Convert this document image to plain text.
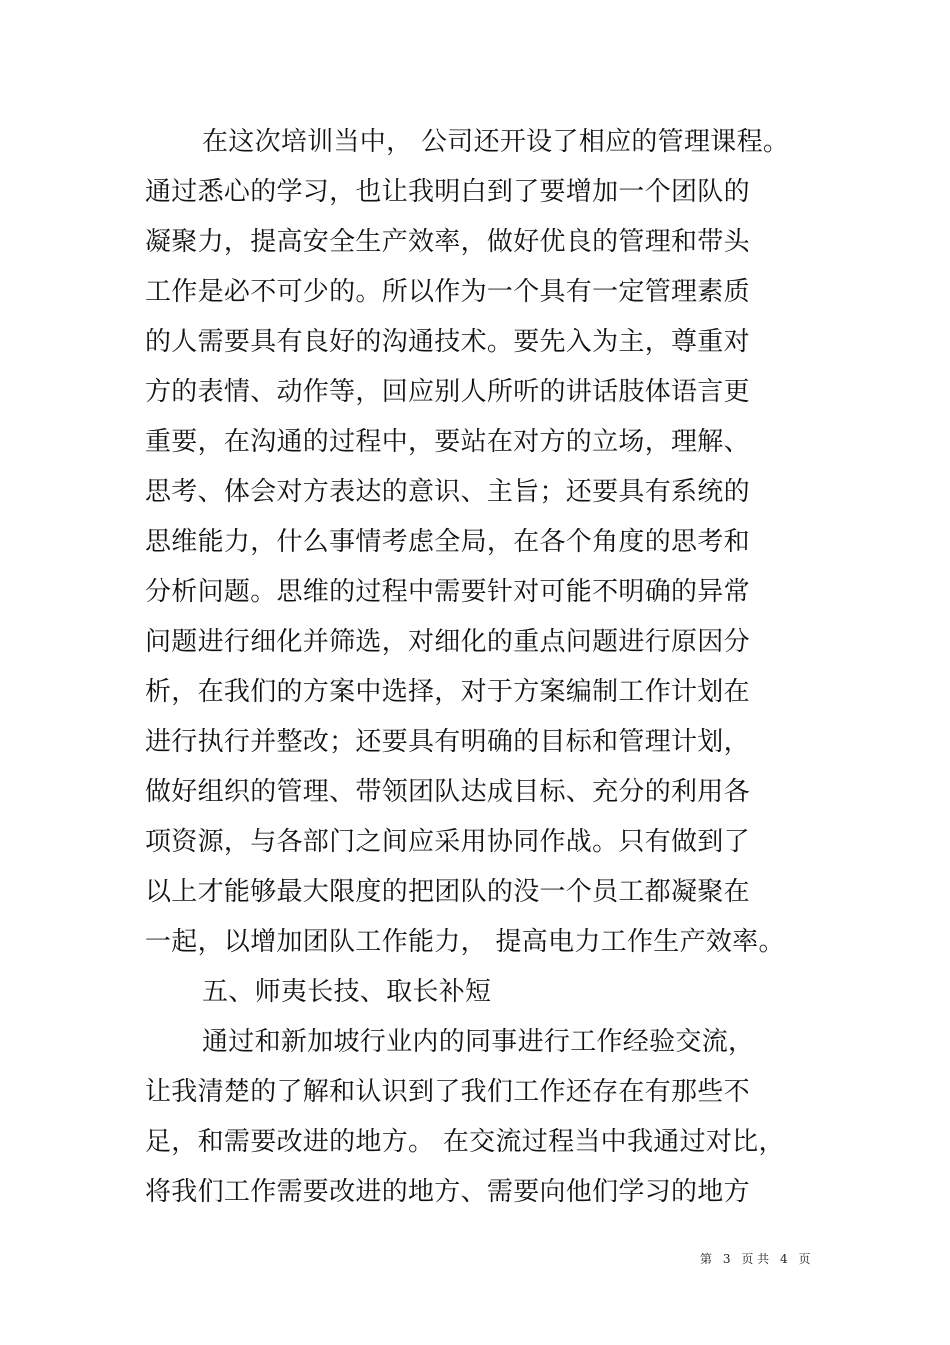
在这次培训当中， 公司还开设了相应的管理课程。
通过悉心的学习，也让我明白到了要增加一个团队的
凝聚力，提高安全生产效率，做好优良的管理和带头
工作是必不可少的。所以作为一个具有一定管理素质
的人需要具有良好的沟通技术。要先入为主，尊重对
方的表情、动作等，回应别人所听的讲话肢体语言更
重要，在沟通的过程中，要站在对方的立场，理解、
思考、体会对方表达的意识、主旨；还要具有系统的
思维能力，什么事情考虑全局，在各个角度的思考和
分析问题。思维的过程中需要针对可能不明确的异常
问题进行细化并筛选，对细化的重点问题进行原因分
析，在我们的方案中选择，对于方案编制工作计划在
进行执行并整改；还要具有明确的目标和管理计划，
做好组织的管理、带领团队达成目标、充分的利用各
项资源，与各部门之间应采用协同作战。只有做到了
以上才能够最大限度的把团队的没一个员工都凝聚在
一起，以增加团队工作能力， 提高电力工作生产效率。
五、师夷长技、取长补短
通过和新加坡行业内的同事进行工作经验交流，
让我清楚的了解和认识到了我们工作还存在有那些不
足，和需要改进的地方。 在交流过程当中我通过对比，
将我们工作需要改进的地方、需要向他们学习的地方
第 3 页 共 4 页
